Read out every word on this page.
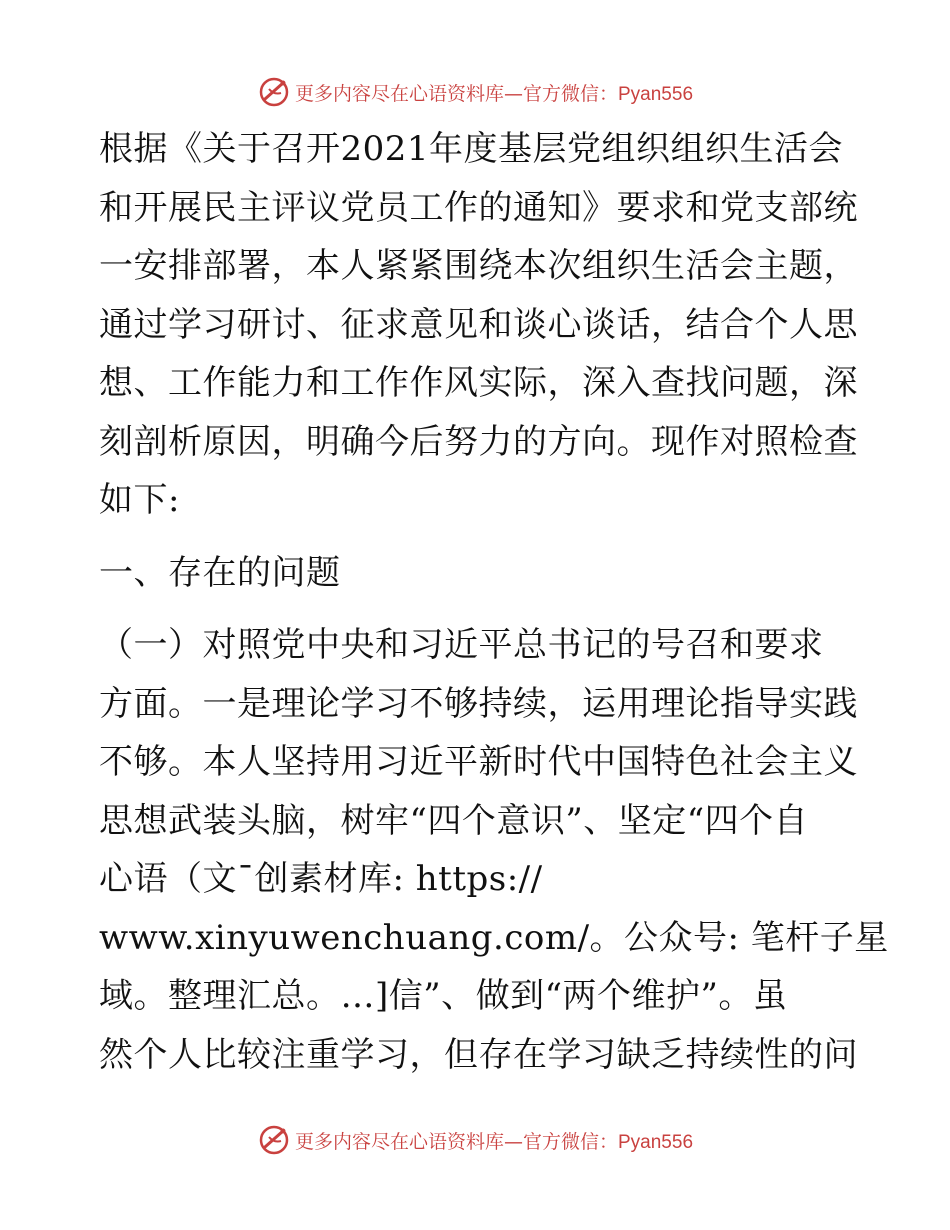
更多内容尽在心语资料库—官方微信：Pyan556
根据《关于召开2021年度基层党组织组织生活会
和开展民主评议党员工作的通知》要求和党支部统
一安排部署，本人紧紧围绕本次组织生活会主题，
通过学习研讨、征求意见和谈心谈话，结合个人思
想、工作能力和工作作风实际，深入查找问题，深
刻剖析原因，明确今后努力的方向。现作对照检查
如下:
一、存在的问题
（一）对照党中央和习近平总书记的号召和要求
方面。一是理论学习不够持续，运用理论指导实践
不够。本人坚持用习近平新时代中国特色社会主义
思想武装头脑，树牢“四个意识”、坚定“四个自
心语（文¯创素材库: https://
www.xinyuwenchuang.com/。公众号: 笔杆子星
域。整理汇总。…]信”、做到“两个维护”。虽
然个人比较注重学习，但存在学习缺乏持续性的问
更多内容尽在心语资料库—官方微信：Pyan556
